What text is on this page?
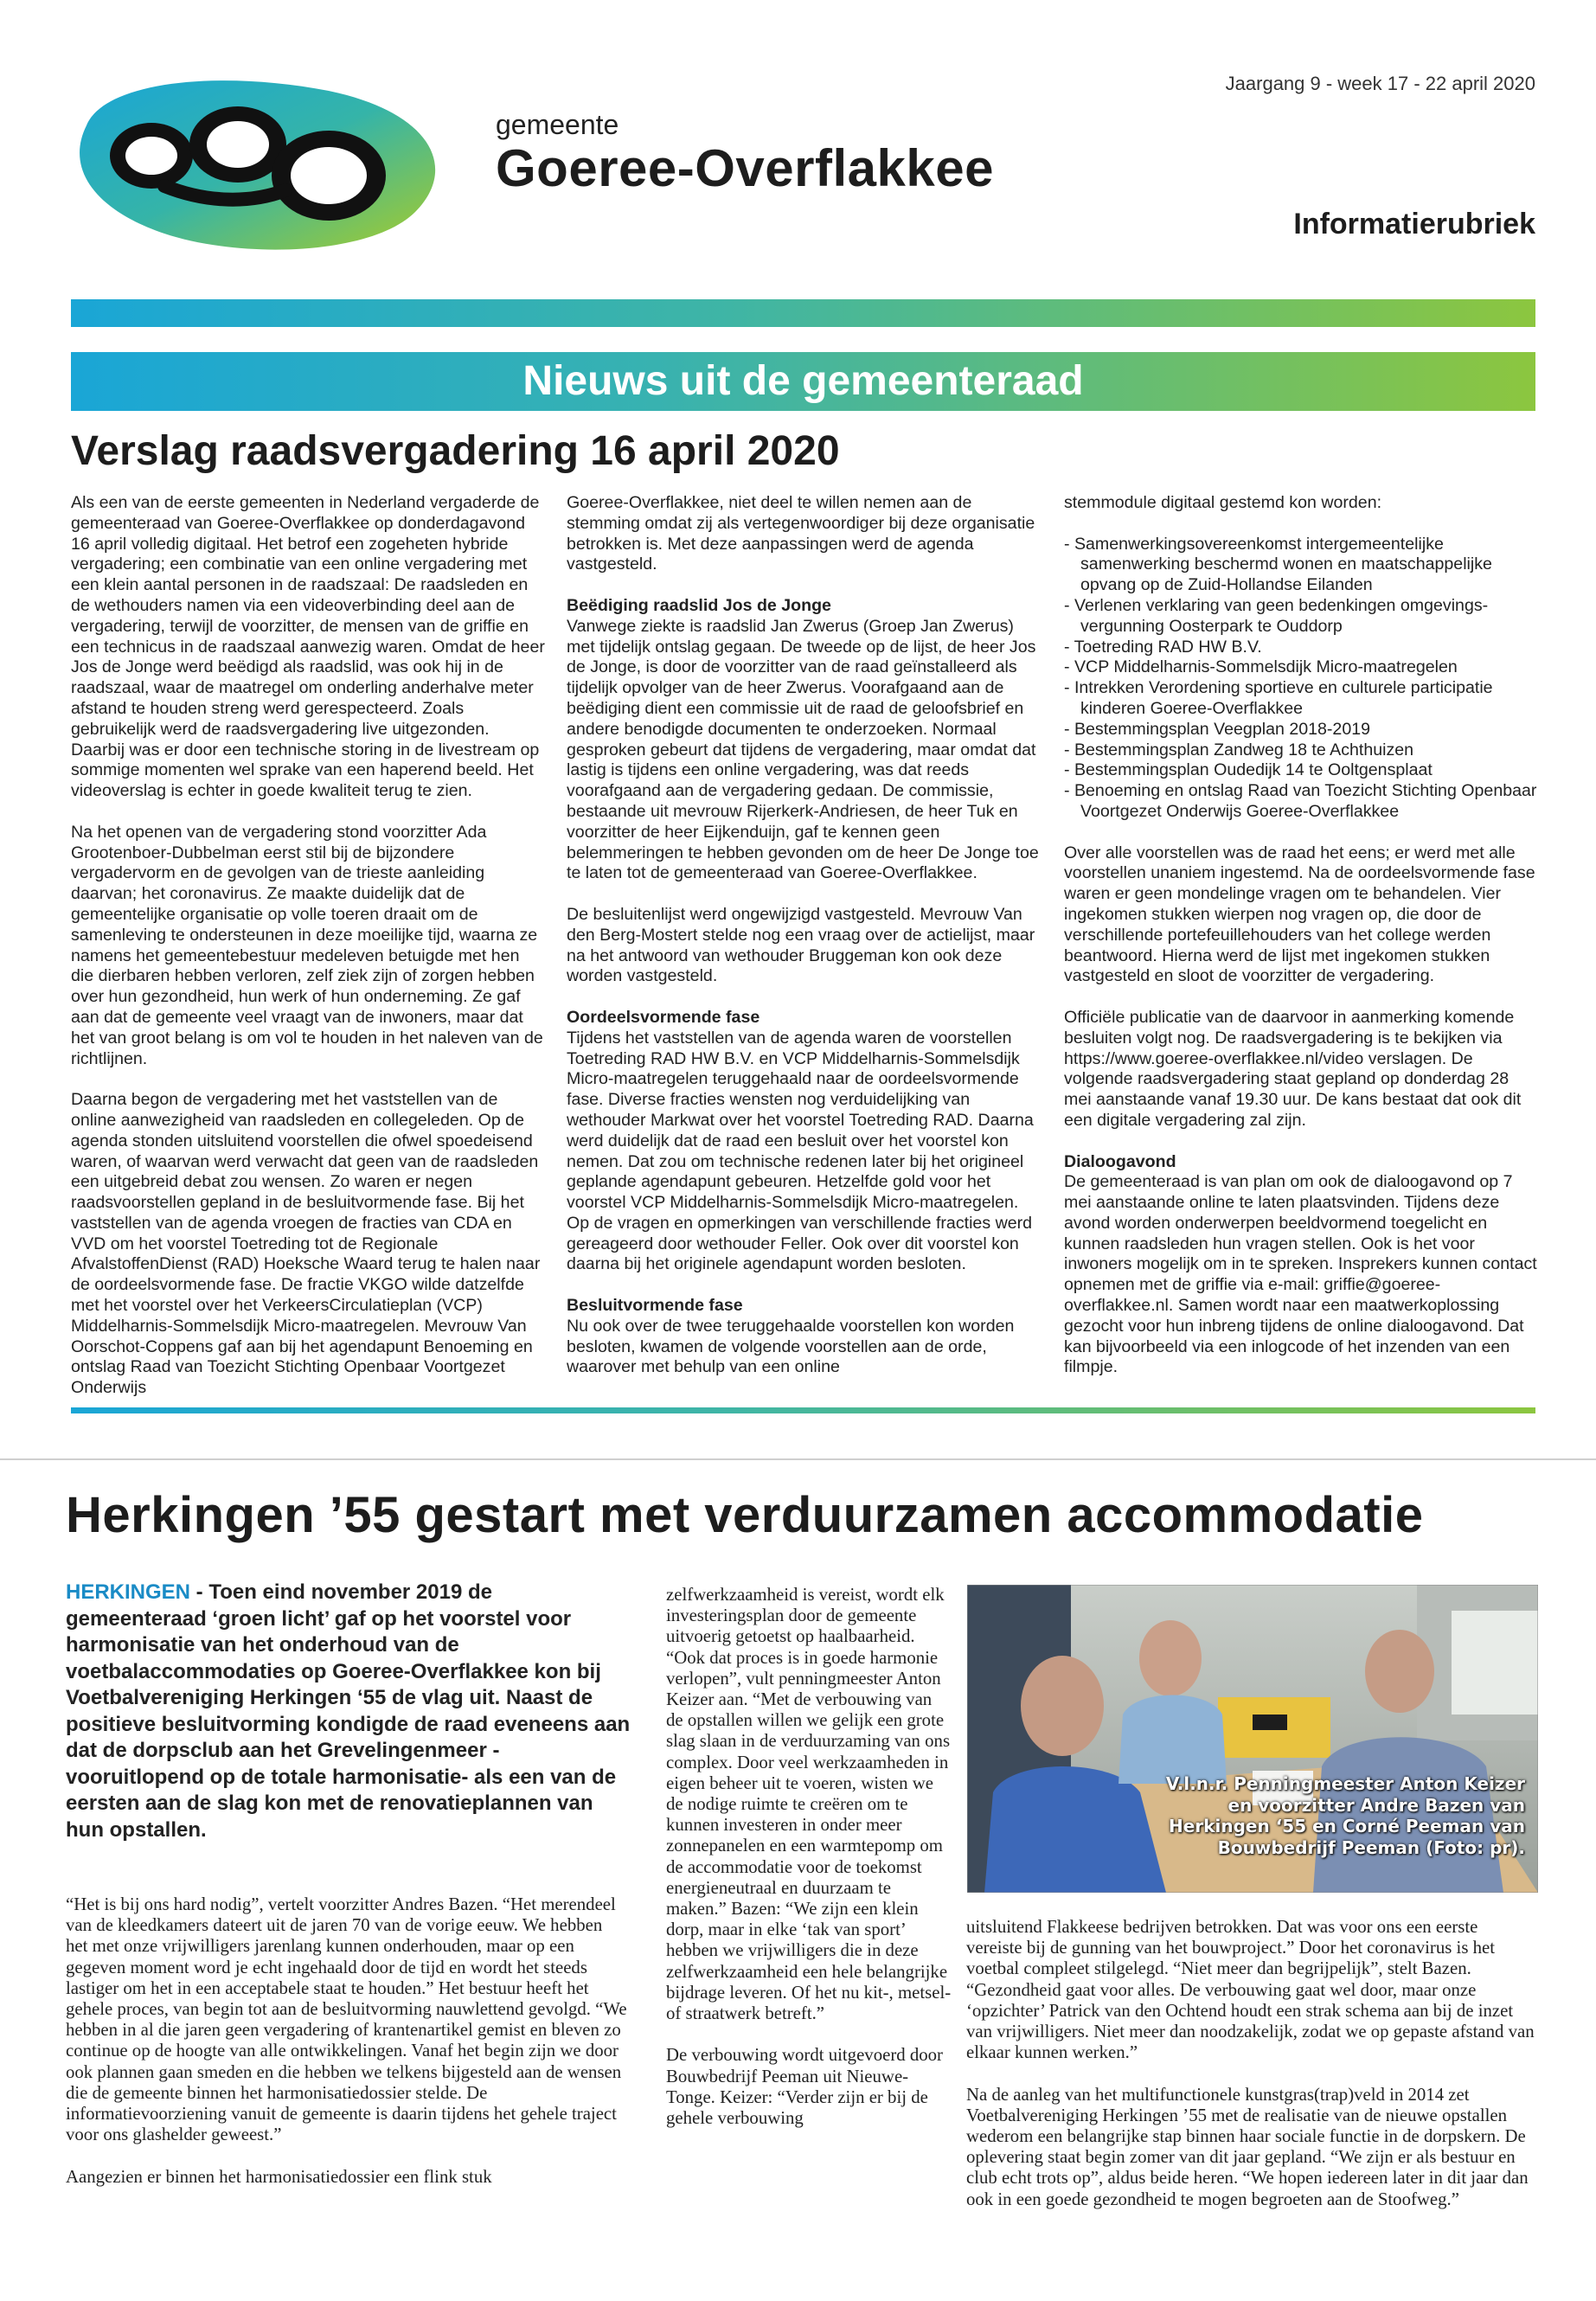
gemeente
Goeree-Overflakkee
Jaargang 9 - week 17 - 22 april 2020
Informatierubriek
Nieuws uit de gemeenteraad
Verslag raadsvergadering 16 april 2020

Als een van de eerste gemeenten in Nederland vergaderde de gemeenteraad van Goeree-Overflakkee op donderdagavond 16 april volledig digitaal. Het betrof een zogeheten hybride vergadering; een combinatie van een online vergadering met een klein aantal personen in de raadszaal: De raadsleden en de wethouders namen via een videoverbinding deel aan de vergadering, terwijl de voorzitter, de mensen van de griffie en een technicus in de raadszaal aanwezig waren. Omdat de heer Jos de Jonge werd beëdigd als raadslid, was ook hij in de raadszaal, waar de maatregel om onderling anderhalve meter afstand te houden streng werd gerespecteerd. Zoals gebruikelijk werd de raadsvergadering live uitgezonden. Daarbij was er door een technische storing in de livestream op sommige momenten wel sprake van een haperend beeld. Het videoverslag is echter in goede kwaliteit terug te zien.

Na het openen van de vergadering stond voorzitter Ada Grootenboer-Dubbelman eerst stil bij de bijzondere vergadervorm en de gevolgen van de trieste aanleiding daarvan; het coronavirus. Ze maakte duidelijk dat de gemeentelijke organisatie op volle toeren draait om de samenleving te ondersteunen in deze moeilijke tijd, waarna ze namens het gemeentebestuur medeleven betuigde met hen die dierbaren hebben verloren, zelf ziek zijn of zorgen hebben over hun gezondheid, hun werk of hun onderneming. Ze gaf aan dat de gemeente veel vraagt van de inwoners, maar dat het van groot belang is om vol te houden in het naleven van de richtlijnen.

Daarna begon de vergadering met het vaststellen van de online aanwezigheid van raadsleden en collegeleden. Op de agenda stonden uitsluitend voorstellen die ofwel spoedeisend waren, of waarvan werd verwacht dat geen van de raadsleden een uitgebreid debat zou wensen. Zo waren er negen raadsvoorstellen gepland in de besluitvormende fase. Bij het vaststellen van de agenda vroegen de fracties van CDA en VVD om het voorstel Toetreding tot de Regionale AfvalstoffenDienst (RAD) Hoeksche Waard terug te halen naar de oordeelsvormende fase. De fractie VKGO wilde datzelfde met het voorstel over het VerkeersCirculatieplan (VCP) Middelharnis-Sommelsdijk Micro-maatregelen. Mevrouw Van Oorschot-Coppens gaf aan bij het agendapunt Benoeming en ontslag Raad van Toezicht Stichting Openbaar Voortgezet Onderwijs

Goeree-Overflakkee, niet deel te willen nemen aan de stemming omdat zij als vertegenwoordiger bij deze organisatie betrokken is. Met deze aanpassingen werd de agenda vastgesteld.

Beëdiging raadslid Jos de Jonge

Vanwege ziekte is raadslid Jan Zwerus (Groep Jan Zwerus) met tijdelijk ontslag gegaan. De tweede op de lijst, de heer Jos de Jonge, is door de voorzitter van de raad geïnstalleerd als tijdelijk opvolger van de heer Zwerus. Voorafgaand aan de beëdiging dient een commissie uit de raad de geloofsbrief en andere benodigde documenten te onderzoeken. Normaal gesproken gebeurt dat tijdens de vergadering, maar omdat dat lastig is tijdens een online vergadering, was dat reeds voorafgaand aan de vergadering gedaan. De commissie, bestaande uit mevrouw Rijerkerk-Andriesen, de heer Tuk en voorzitter de heer Eijkenduijn, gaf te kennen geen belemmeringen te hebben gevonden om de heer De Jonge toe te laten tot de gemeenteraad van Goeree-Overflakkee.

De besluitenlijst werd ongewijzigd vastgesteld. Mevrouw Van den Berg-Mostert stelde nog een vraag over de actielijst, maar na het antwoord van wethouder Bruggeman kon ook deze worden vastgesteld.

Oordeelsvormende fase

Tijdens het vaststellen van de agenda waren de voorstellen Toetreding RAD HW B.V. en VCP Middelharnis-Sommelsdijk Micro-maatregelen teruggehaald naar de oordeelsvormende fase. Diverse fracties wensten nog verduidelijking van wethouder Markwat over het voorstel Toetreding RAD. Daarna werd duidelijk dat de raad een besluit over het voorstel kon nemen. Dat zou om technische redenen later bij het origineel geplande agendapunt gebeuren. Hetzelfde gold voor het voorstel VCP Middelharnis-Sommelsdijk Micro-maatregelen. Op de vragen en opmerkingen van verschillende fracties werd gereageerd door wethouder Feller. Ook over dit voorstel kon daarna bij het originele agendapunt worden besloten.

Besluitvormende fase

Nu ook over de twee teruggehaalde voorstellen kon worden besloten, kwamen de volgende voorstellen aan de orde, waarover met behulp van een online

stemmodule digitaal gestemd kon worden:

- Samenwerkingsovereenkomst intergemeentelijke samenwerking beschermd wonen en maatschappelijke opvang op de Zuid-Hollandse Eilanden
- Verlenen verklaring van geen bedenkingen omgevingsvergunning Oosterpark te Ouddorp
- Toetreding RAD HW B.V.
- VCP Middelharnis-Sommelsdijk Micro-maatregelen
- Intrekken Verordening sportieve en culturele participatie kinderen Goeree-Overflakkee
- Bestemmingsplan Veegplan 2018-2019
- Bestemmingsplan Zandweg 18 te Achthuizen
- Bestemmingsplan Oudedijk 14 te Ooltgensplaat
- Benoeming en ontslag Raad van Toezicht Stichting Openbaar Voortgezet Onderwijs Goeree-Overflakkee

Over alle voorstellen was de raad het eens; er werd met alle voorstellen unaniem ingestemd. Na de oordeelsvormende fase waren er geen mondelinge vragen om te behandelen. Vier ingekomen stukken wierpen nog vragen op, die door de verschillende portefeuillehouders van het college werden beantwoord. Hierna werd de lijst met ingekomen stukken vastgesteld en sloot de voorzitter de vergadering.

Officiële publicatie van de daarvoor in aanmerking komende besluiten volgt nog. De raadsvergadering is te bekijken via https://www.goeree-overflakkee.nl/video verslagen. De volgende raadsvergadering staat gepland op donderdag 28 mei aanstaande vanaf 19.30 uur. De kans bestaat dat ook dit een digitale vergadering zal zijn.

Dialoogavond

De gemeenteraad is van plan om ook de dialoogavond op 7 mei aanstaande online te laten plaatsvinden. Tijdens deze avond worden onderwerpen beeldvormend toegelicht en kunnen raadsleden hun vragen stellen. Ook is het voor inwoners mogelijk om in te spreken. Insprekers kunnen contact opnemen met de griffie via e-mail: griffie@goeree-overflakkee.nl. Samen wordt naar een maatwerkoplossing gezocht voor hun inbreng tijdens de online dialoogavond. Dat kan bijvoorbeeld via een inlogcode of het inzenden van een filmpje.

Herkingen ’55 gestart met verduurzamen accommodatie
HERKINGEN - Toen eind november 2019 de gemeenteraad ‘groen licht’ gaf op het voorstel voor harmonisatie van het onderhoud van de voetbalaccommodaties op Goeree-Overflakkee kon bij Voetbalvereniging Herkingen ‘55 de vlag uit. Naast de positieve besluitvorming kondigde de raad eveneens aan dat de dorpsclub aan het Grevelingenmeer -vooruitlopend op de totale harmonisatie- als een van de eersten aan de slag kon met de renovatieplannen van hun opstallen.

“Het is bij ons hard nodig”, vertelt voorzitter Andres Bazen. “Het merendeel van de kleedkamers dateert uit de jaren 70 van de vorige eeuw. We hebben het met onze vrijwilligers jarenlang kunnen onderhouden, maar op een gegeven moment word je echt ingehaald door de tijd en wordt het steeds lastiger om het in een acceptabele staat te houden.” Het bestuur heeft het gehele proces, van begin tot aan de besluitvorming nauwlettend gevolgd. “We hebben in al die jaren geen vergadering of krantenartikel gemist en bleven zo continue op de hoogte van alle ontwikkelingen. Vanaf het begin zijn we door ook plannen gaan smeden en die hebben we telkens bijgesteld aan de wensen die de gemeente binnen het harmonisatiedossier stelde. De informatievoorziening vanuit de gemeente is daarin tijdens het gehele traject voor ons glashelder geweest.”

Aangezien er binnen het harmonisatiedossier een flink stuk

zelfwerkzaamheid is vereist, wordt elk investeringsplan door de gemeente uitvoerig getoetst op haalbaarheid. “Ook dat proces is in goede harmonie verlopen”, vult penningmeester Anton Keizer aan. “Met de verbouwing van de opstallen willen we gelijk een grote slag slaan in de verduurzaming van ons complex. Door veel werkzaamheden in eigen beheer uit te voeren, wisten we de nodige ruimte te creëren om te kunnen investeren in onder meer zonnepanelen en een warmtepomp om de accommodatie voor de toekomst energieneutraal en duurzaam te maken.” Bazen: “We zijn een klein dorp, maar in elke ‘tak van sport’ hebben we vrijwilligers die in deze zelfwerkzaamheid een hele belangrijke bijdrage leveren. Of het nu kit-, metsel- of straatwerk betreft.”

De verbouwing wordt uitgevoerd door Bouwbedrijf Peeman uit Nieuwe-Tonge. Keizer: “Verder zijn er bij de gehele verbouwing

V.l.n.r. Penningmeester Anton Keizer en voorzitter Andre Bazen van Herkingen ‘55 en Corné Peeman van Bouwbedrijf Peeman (Foto: pr).

uitsluitend Flakkeese bedrijven betrokken. Dat was voor ons een eerste vereiste bij de gunning van het bouwproject.” Door het coronavirus is het voetbal compleet stilgelegd. “Niet meer dan begrijpelijk”, stelt Bazen. “Gezondheid gaat voor alles. De verbouwing gaat wel door, maar onze ‘opzichter’ Patrick van den Ochtend houdt een strak schema aan bij de inzet van vrijwilligers. Niet meer dan noodzakelijk, zodat we op gepaste afstand van elkaar kunnen werken.”

Na de aanleg van het multifunctionele kunstgras(trap)veld in 2014 zet Voetbalvereniging Herkingen ’55 met de realisatie van de nieuwe opstallen wederom een belangrijke stap binnen haar sociale functie in de dorpskern. De oplevering staat begin zomer van dit jaar gepland. “We zijn er als bestuur en club echt trots op”, aldus beide heren. “We hopen iedereen later in dit jaar dan ook in een goede gezondheid te mogen begroeten aan de Stoofweg.”
